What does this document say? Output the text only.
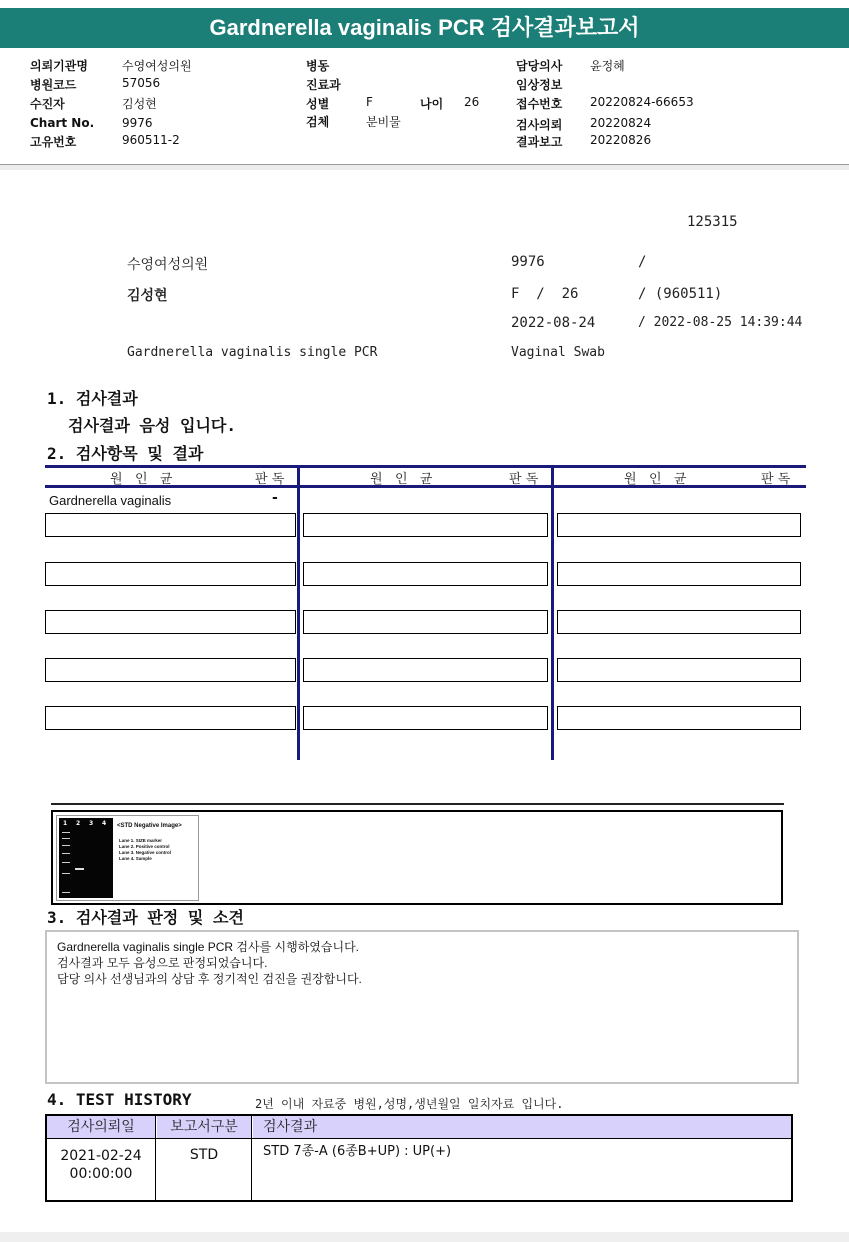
Gardnerella vaginalis PCR 검사결과보고서
의뢰기관명	수영여성의원
병원코드	57056
수진자	김성현
Chart No. 9976
고유번호	960511-2
병동
진료과
성별	F	나이 26
검체	분비물
담당의사 윤정혜
임상정보
접수번호 20220824-66653
검사의뢰 20220824
결과보고 20220826
125315
수영여성의원	9976	/
김성현	F  /  26	/ (960511)
2022-08-24	/ 2022-08-25 14:39:44
Gardnerella vaginalis single PCR	Vaginal Swab
1. 검사결과
검사결과 음성 입니다.
2. 검사항목 및 결과
원   인   균	판 독	원   인   균	판 독	원   인   균	판 독
Gardnerella vaginalis	-
1 2 3 4 <STD Negative Image>
Lane 1. SIZE marker
Lane 2. Positive control
Lane 3. Negative control
Lane 4. Sample
3. 검사결과 판정 및 소견
Gardnerella vaginalis single PCR 검사를 시행하였습니다.
검사결과 모두 음성으로 판정되었습니다.
담당 의사 선생님과의 상담 후 정기적인 검진을 권장합니다.
4. TEST HISTORY	2년 이내 자료중 병원,성명,생년월일 일치자료 입니다.
검사의뢰일	보고서구분	검사결과
2021-02-24
00:00:00
STD	STD 7종-A (6종B+UP) : UP(+)
